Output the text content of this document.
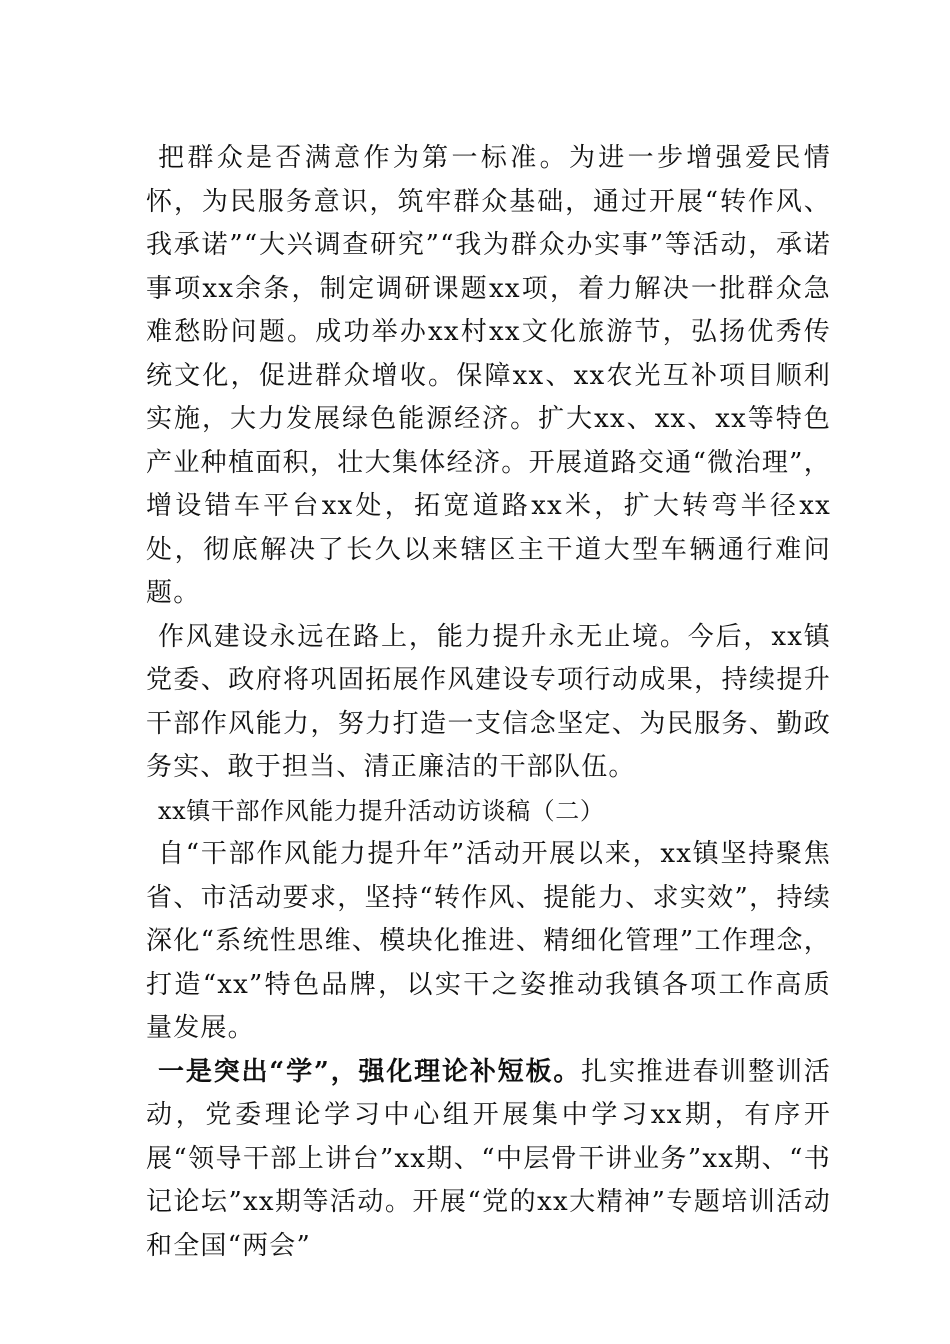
把群众是否满意作为第一标准。为进一步增强爱民情怀，为民服务意识，筑牢群众基础，通过开展“转作风、我承诺”“大兴调查研究”“我为群众办实事”等活动，承诺事项xx余条，制定调研课题xx项，着力解决一批群众急难愁盼问题。成功举办xx村xx文化旅游节，弘扬优秀传统文化，促进群众增收。保障xx、xx农光互补项目顺利实施，大力发展绿色能源经济。扩大xx、xx、xx等特色产业种植面积，壮大集体经济。开展道路交通“微治理”，增设错车平台xx处，拓宽道路xx米，扩大转弯半径xx处，彻底解决了长久以来辖区主干道大型车辆通行难问题。

作风建设永远在路上，能力提升永无止境。今后，xx镇党委、政府将巩固拓展作风建设专项行动成果，持续提升干部作风能力，努力打造一支信念坚定、为民服务、勤政务实、敢于担当、清正廉洁的干部队伍。

xx镇干部作风能力提升活动访谈稿（二）

自“干部作风能力提升年”活动开展以来，xx镇坚持聚焦省、市活动要求，坚持“转作风、提能力、求实效”，持续深化“系统性思维、模块化推进、精细化管理”工作理念，打造“xx”特色品牌，以实干之姿推动我镇各项工作高质量发展。

一是突出“学”，强化理论补短板。扎实推进春训整训活动，党委理论学习中心组开展集中学习xx期，有序开展“领导干部上讲台”xx期、“中层骨干讲业务”xx期、“书记论坛”xx期等活动。开展“党的xx大精神”专题培训活动和全国“两会”
